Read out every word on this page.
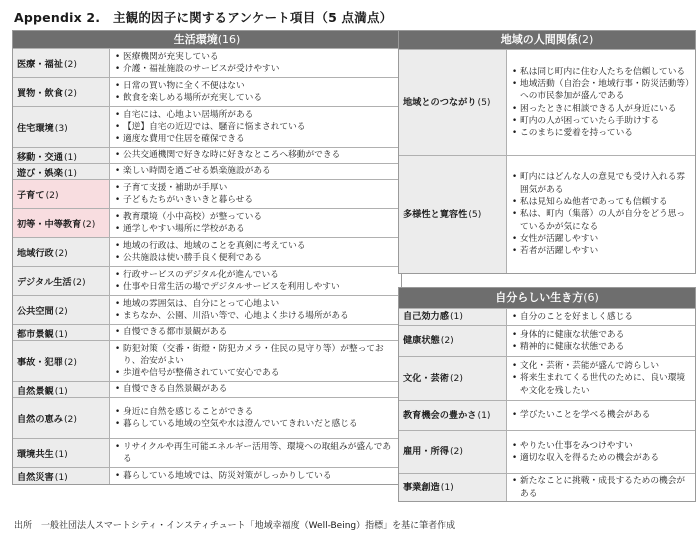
Appendix 2.　主観的因子に関するアンケート項目（5 点満点）
生活環境(16)
医療・福祉(2)
• 医療機関が充実している
• 介護・福祉施設のサービスが受けやすい
買物・飲食(2)
• 日常の買い物に全く不便はない
• 飲食を楽しめる場所が充実している
住宅環境(3)
• 自宅には、心地よい居場所がある
• 【逆】自宅の近辺では、騒音に悩まされている
• 適度な費用で住居を確保できる
移動・交通(1)	• 公共交通機関で好きな時に好きなところへ移動ができる
遊び・娯楽(1)	• 楽しい時間を過ごせる娯楽施設がある
子育て(2)
• 子育て支援・補助が手厚い
• 子どもたちがいきいきと暮らせる
初等・中等教育(2)
• 教育環境（小中高校）が整っている
• 通学しやすい場所に学校がある
地域行政(2)
• 地域の行政は、地域のことを真剣に考えている
• 公共施設は使い勝手良く便利である
デジタル生活(2)
• 行政サービスのデジタル化が進んでいる
• 仕事や日常生活の場でデジタルサービスを利用しやすい
公共空間(2)
• 地域の雰囲気は、自分にとって心地よい
• まちなか、公園、川沿い等で、心地よく歩ける場所がある
都市景観(1)	• 自慢できる都市景観がある
事故・犯罪(2)
• 防犯対策（交番・街燈・防犯カメラ・住民の見守り等）が整っており、治安がよい
• 歩道や信号が整備されていて安心である
自然景観(1)	• 自慢できる自然景観がある
自然の恵み(2)
• 身近に自然を感じることができる
• 暮らしている地域の空気や水は澄んでいてきれいだと感じる
環境共生(1)
• リサイクルや再生可能エネルギー活用等、環境への取組みが盛んである
自然災害(1)	• 暮らしている地域では、防災対策がしっかりしている
地域の人間関係(2)
地域とのつながり(5)
• 私は同じ町内に住む人たちを信頼している
• 地域活動（自治会・地域行事・防災活動等）への市民参加が盛んである
• 困ったときに相談できる人が身近にいる
• 町内の人が困っていたら手助けする
• このまちに愛着を持っている
多様性と寛容性(5)
• 町内にはどんな人の意見でも受け入れる雰囲気がある
• 私は見知らぬ他者であっても信頼する
• 私は、町内（集落）の人が自分をどう思っているかが気になる
• 女性が活躍しやすい
• 若者が活躍しやすい
自分らしい生き方(6)
自己効力感(1)	• 自分のことを好ましく感じる
健康状態(2)
• 身体的に健康な状態である
• 精神的に健康な状態である
文化・芸術(2)
• 文化・芸術・芸能が盛んで誇らしい
• 将来生まれてくる世代のために、良い環境や文化を残したい
教育機会の豊かさ(1)	• 学びたいことを学べる機会がある
雇用・所得(2)
• やりたい仕事をみつけやすい
• 適切な収入を得るための機会がある
事業創造(1)
• 新たなことに挑戦・成長するための機会がある
出所　一般社団法人スマートシティ・インスティチュート「地域幸福度（Well-Being）指標」を基に筆者作成
